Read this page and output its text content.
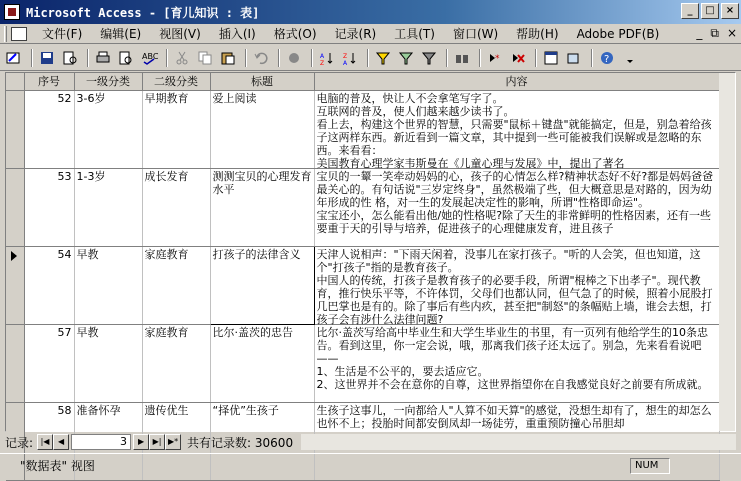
Microsoft Access - [育儿知识 : 表]	_	□	×
文件(F)	编辑(E)	视图(V)	插入(I)	格式(O)	记录(R)	工具(T)	窗口(W)	帮助(H)	Adobe PDF(B)	_ ⧉ ×
ABC	A
Z
Z
A	*	?
	序号	一级分类	二级分类	标题	内容
	52	3-6岁	早期教育	爱上阅读	电脑的普及，快让人不会拿笔写字了。
互联网的普及，使人们越来越少读书了。
看上去，构建这个世界的智慧，只需要"鼠标＋键盘"就能搞定，但是，别急着给孩子这两样东西。新近看到一篇文章，其中提到一些可能被我们误解或是忽略的东西。来看看：
美国教育心理学家韦斯曼在《儿童心理与发展》中，提出了著名

	53	1-3岁	成长发育	测测宝贝的心理发育水平	宝贝的一颦一笑牵动妈妈的心，孩子的心情怎么样?精神状态好不好?都是妈妈爸爸最关心的。有句话说"三岁定终身"，虽然极端了些，但大概意思是对路的，因为幼年形成的性 格，对一生的发展起决定性的影响，所谓"性格即命运"。
宝宝还小，怎么能看出他/她的性格呢?除了天生的非常鲜明的性格因素，还有一些要重于天的引导与培养，促进孩子的心理健康发育，进且孩子

	54	早教	家庭教育	打孩子的法律含义	天津人说相声："下雨天闲着，没事儿在家打孩子。"听的人会笑，但也知道，这个"打孩子"指的是教育孩子。
中国人的传统，打孩子是教育孩子的必要手段，所谓"棍棒之下出孝子"。现代教育，推行快乐平等，不许体罚，父母们也都认同，但气急了的时候，照着小屁股打几巴掌也是有的。除了事后有些内疚，甚至把"制怒"的条幅贴上墙，谁会去想，打孩子会有涉什么法律问题?

	57	早教	家庭教育	比尔·盖茨的忠告	比尔·盖茨写给高中毕业生和大学生毕业生的书里，有一页列有他给学生的10条忠告。看到这里，你一定会说，哦，那离我们孩子还太远了。别急，先来看看说吧——
1、生活是不公平的，要去适应它。
2、这世界并不会在意你的自尊，这世界指望你在自我感觉良好之前要有所成就。

	58	准备怀孕	遗传优生	“择优”生孩子	生孩子这事儿，一向都给人"人算不如天算"的感觉，没想生却有了，想生的却怎么也怀不上；投胎时间都安倒凤却一场徒劳，重重预防撞心吊胆却
记录: |◀	◀	3	▶	▶| ▶* 共有记录数: 30600
"数据表" 视图	NUM
